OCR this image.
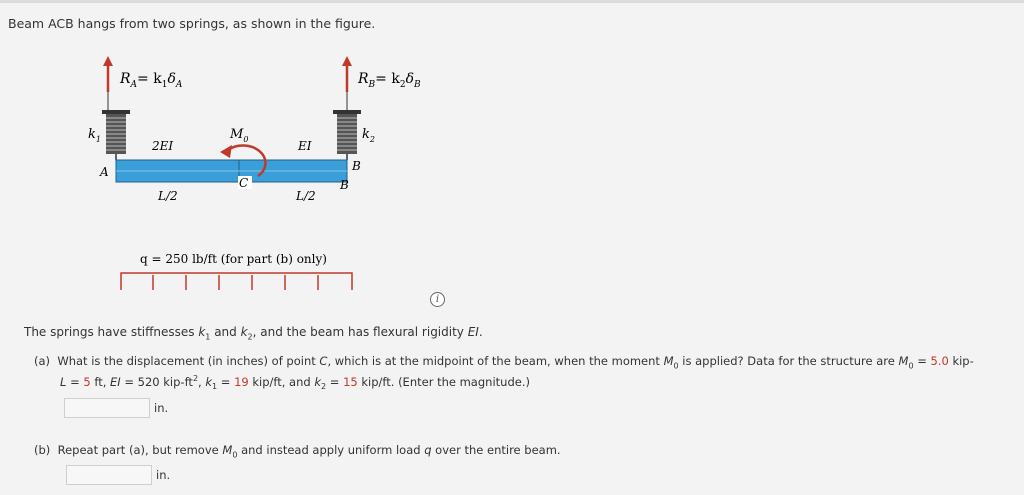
Beam ACB hangs from two springs, as shown in the figure.
$R_A= k_1\delta_A$	$R_B= k_2\delta_B$
$k_1$	$k_2$
A	B
B
2EI	EI
L/2	L/2
C
$M_0$
q = 250 lb/ft (for part (b) only)
i
The springs have stiffnesses $k_1$ and $k_2$, and the beam has flexural rigidity EI.
(a) What is the displacement (in inches) of point C, which is at the midpoint of the beam, when the moment $M_0$ is applied? Data for the structure are $M_0 = 5.0$ kip-
L = 5 ft, EI = 520 kip-$ft^2$, $k_1 = 19$ kip/ft, and $k_2 = 15$ kip/ft. (Enter the magnitude.)
in.
(b) Repeat part (a), but remove $M_0$ and instead apply uniform load q over the entire beam.
in.
